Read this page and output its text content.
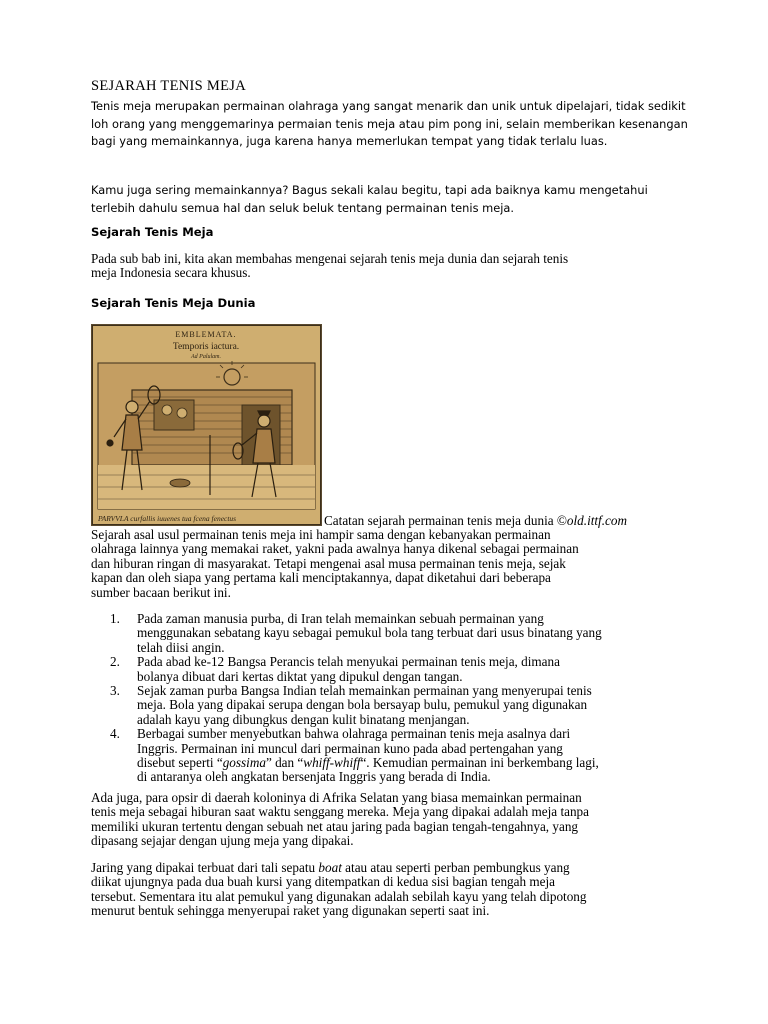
SEJARAH TENIS MEJA

Tenis meja merupakan permainan olahraga yang sangat menarik dan unik untuk dipelajari, tidak sedikit
loh orang yang menggemarinya permaian tenis meja atau pim pong ini, selain memberikan kesenangan
bagi yang memainkannya, juga karena hanya memerlukan tempat yang tidak terlalu luas.

Kamu juga sering memainkannya? Bagus sekali kalau begitu, tapi ada baiknya kamu mengetahui
terlebih dahulu semua hal dan seluk beluk tentang permainan tenis meja.

Sejarah Tenis Meja

Pada sub bab ini, kita akan membahas mengenai sejarah tenis meja dunia dan sejarah tenis
meja Indonesia secara khusus.

Sejarah Tenis Meja Dunia
EMBLEMATA.
Temporis iactura.
Ad Palulam.
PARVVLA curfallis iuuenes tua fcena fenectus	Catatan sejarah permainan tenis meja dunia ©old.ittf.com

Sejarah asal usul permainan tenis meja ini hampir sama dengan kebanyakan permainan
olahraga lainnya yang memakai raket, yakni pada awalnya hanya dikenal sebagai permainan
dan hiburan ringan di masyarakat. Tetapi mengenai asal musa permainan tenis meja, sejak
kapan dan oleh siapa yang pertama kali menciptakannya, dapat diketahui dari beberapa
sumber bacaan berikut ini.

1. Pada zaman manusia purba, di Iran telah memainkan sebuah permainan yang
menggunakan sebatang kayu sebagai pemukul bola tang terbuat dari usus binatang yang
telah diisi angin.
2. Pada abad ke-12 Bangsa Perancis telah menyukai permainan tenis meja, dimana
bolanya dibuat dari kertas diktat yang dipukul dengan tangan.
3. Sejak zaman purba Bangsa Indian telah memainkan permainan yang menyerupai tenis
meja. Bola yang dipakai serupa dengan bola bersayap bulu, pemukul yang digunakan
adalah kayu yang dibungkus dengan kulit binatang menjangan.
4. Berbagai sumber menyebutkan bahwa olahraga permainan tenis meja asalnya dari
Inggris. Permainan ini muncul dari permainan kuno pada abad pertengahan yang
disebut seperti “gossima” dan “whiff-whiff“. Kemudian permainan ini berkembang lagi,
di antaranya oleh angkatan bersenjata Inggris yang berada di India.

Ada juga, para opsir di daerah koloninya di Afrika Selatan yang biasa memainkan permainan
tenis meja sebagai hiburan saat waktu senggang mereka. Meja yang dipakai adalah meja tanpa
memiliki ukuran tertentu dengan sebuah net atau jaring pada bagian tengah-tengahnya, yang
dipasang sejajar dengan ujung meja yang dipakai.

Jaring yang dipakai terbuat dari tali sepatu boat atau atau seperti perban pembungkus yang
diikat ujungnya pada dua buah kursi yang ditempatkan di kedua sisi bagian tengah meja
tersebut. Sementara itu alat pemukul yang digunakan adalah sebilah kayu yang telah dipotong
menurut bentuk sehingga menyerupai raket yang digunakan seperti saat ini.
